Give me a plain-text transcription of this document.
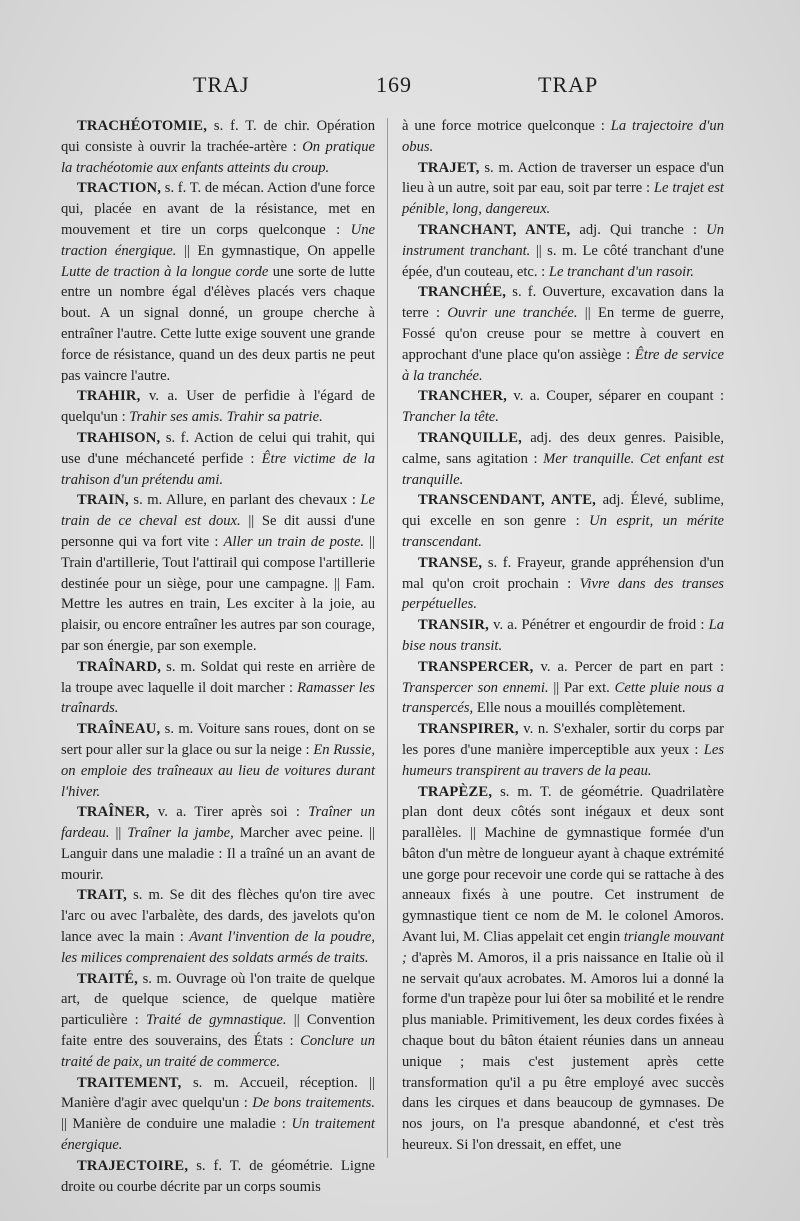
TRAJ	169	TRAP

TRACHÉOTOMIE, s. f. T. de chir. Opération qui consiste à ouvrir la trachée-artère : On pratique la trachéotomie aux enfants atteints du croup.

TRACTION, s. f. T. de mécan. Action d'une force qui, placée en avant de la résistance, met en mouvement et tire un corps quelconque : Une traction énergique. || En gymnastique, On appelle Lutte de traction à la longue corde une sorte de lutte entre un nombre égal d'élèves placés vers chaque bout. A un signal donné, un groupe cherche à entraîner l'autre. Cette lutte exige souvent une grande force de résistance, quand un des deux partis ne peut pas vaincre l'autre.

TRAHIR, v. a. User de perfidie à l'égard de quelqu'un : Trahir ses amis. Trahir sa patrie.

TRAHISON, s. f. Action de celui qui trahit, qui use d'une méchanceté perfide : Être victime de la trahison d'un prétendu ami.

TRAIN, s. m. Allure, en parlant des chevaux : Le train de ce cheval est doux. || Se dit aussi d'une personne qui va fort vite : Aller un train de poste. || Train d'artillerie, Tout l'attirail qui compose l'artillerie destinée pour un siège, pour une campagne. || Fam. Mettre les autres en train, Les exciter à la joie, au plaisir, ou encore entraîner les autres par son courage, par son énergie, par son exemple.

TRAÎNARD, s. m. Soldat qui reste en arrière de la troupe avec laquelle il doit marcher : Ramasser les traînards.

TRAÎNEAU, s. m. Voiture sans roues, dont on se sert pour aller sur la glace ou sur la neige : En Russie, on emploie des traîneaux au lieu de voitures durant l'hiver.

TRAÎNER, v. a. Tirer après soi : Traîner un fardeau. || Traîner la jambe, Marcher avec peine. || Languir dans une maladie : Il a traîné un an avant de mourir.

TRAIT, s. m. Se dit des flèches qu'on tire avec l'arc ou avec l'arbalète, des dards, des javelots qu'on lance avec la main : Avant l'invention de la poudre, les milices comprenaient des soldats armés de traits.

TRAITÉ, s. m. Ouvrage où l'on traite de quelque art, de quelque science, de quelque matière particulière : Traité de gymnastique. || Convention faite entre des souverains, des États : Conclure un traité de paix, un traité de commerce.

TRAITEMENT, s. m. Accueil, réception. || Manière d'agir avec quelqu'un : De bons traitements. || Manière de conduire une maladie : Un traitement énergique.

TRAJECTOIRE, s. f. T. de géométrie. Ligne droite ou courbe décrite par un corps soumis

à une force motrice quelconque : La trajectoire d'un obus.

TRAJET, s. m. Action de traverser un espace d'un lieu à un autre, soit par eau, soit par terre : Le trajet est pénible, long, dangereux.

TRANCHANT, ANTE, adj. Qui tranche : Un instrument tranchant. || s. m. Le côté tranchant d'une épée, d'un couteau, etc. : Le tranchant d'un rasoir.

TRANCHÉE, s. f. Ouverture, excavation dans la terre : Ouvrir une tranchée. || En terme de guerre, Fossé qu'on creuse pour se mettre à couvert en approchant d'une place qu'on assiège : Être de service à la tranchée.

TRANCHER, v. a. Couper, séparer en coupant : Trancher la tête.

TRANQUILLE, adj. des deux genres. Paisible, calme, sans agitation : Mer tranquille. Cet enfant est tranquille.

TRANSCENDANT, ANTE, adj. Élevé, sublime, qui excelle en son genre : Un esprit, un mérite transcendant.

TRANSE, s. f. Frayeur, grande appréhension d'un mal qu'on croit prochain : Vivre dans des transes perpétuelles.

TRANSIR, v. a. Pénétrer et engourdir de froid : La bise nous transit.

TRANSPERCER, v. a. Percer de part en part : Transpercer son ennemi. || Par ext. Cette pluie nous a transpercés, Elle nous a mouillés complètement.

TRANSPIRER, v. n. S'exhaler, sortir du corps par les pores d'une manière imperceptible aux yeux : Les humeurs transpirent au travers de la peau.

TRAPÈZE, s. m. T. de géométrie. Quadrilatère plan dont deux côtés sont inégaux et deux sont parallèles. || Machine de gymnastique formée d'un bâton d'un mètre de longueur ayant à chaque extrémité une gorge pour recevoir une corde qui se rattache à des anneaux fixés à une poutre. Cet instrument de gymnastique tient ce nom de M. le colonel Amoros. Avant lui, M. Clias appelait cet engin triangle mouvant ; d'après M. Amoros, il a pris naissance en Italie où il ne servait qu'aux acrobates. M. Amoros lui a donné la forme d'un trapèze pour lui ôter sa mobilité et le rendre plus maniable. Primitivement, les deux cordes fixées à chaque bout du bâton étaient réunies dans un anneau unique ; mais c'est justement après cette transformation qu'il a pu être employé avec succès dans les cirques et dans beaucoup de gymnases. De nos jours, on l'a presque abandonné, et c'est très heureux. Si l'on dressait, en effet, une
